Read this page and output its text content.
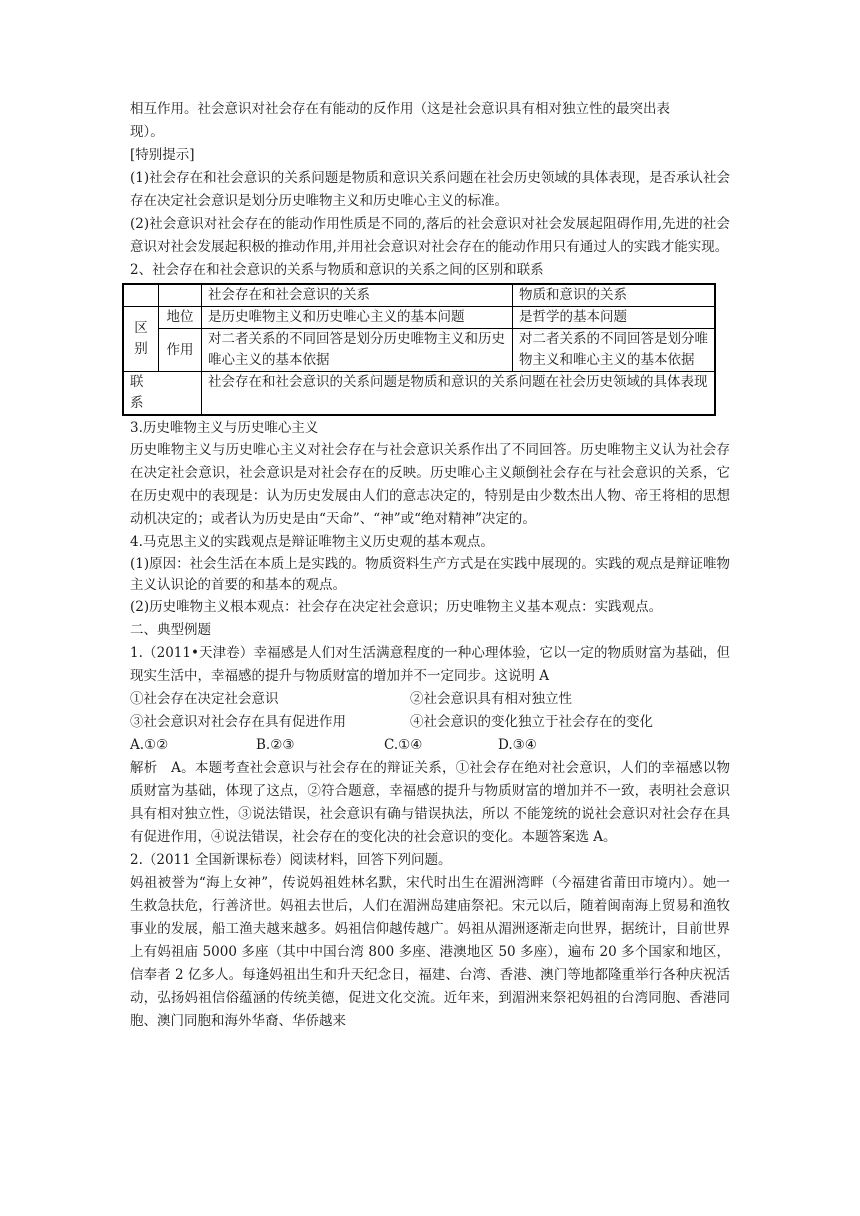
相互作用。社会意识对社会存在有能动的反作用（这是社会意识具有相对独立性的最突出表

现）。

[特别提示]

(1)社会存在和社会意识的关系问题是物质和意识关系问题在社会历史领域的具体表现，是否承认社会存在决定社会意识是划分历史唯物主义和历史唯心主义的标准。

(2)社会意识对社会存在的能动作用性质是不同的,落后的社会意识对社会发展起阻碍作用,先进的社会意识对社会发展起积极的推动作用,并用社会意识对社会存在的能动作用只有通过人的实践才能实现。

2、社会存在和社会意识的关系与物质和意识的关系之间的区别和联系

		社会存在和社会意识的关系	物质和意识的关系
区别	地位	是历史唯物主义和历史唯心主义的基本问题	是哲学的基本问题
	作用	对二者关系的不同回答是划分历史唯物主义和历史唯心主义的基本依据	对二者关系的不同回答是划分唯物主义和唯心主义的基本依据
联　系		社会存在和社会意识的关系问题是物质和意识的关系问题在社会历史领域的具体表现	

3.历史唯物主义与历史唯心主义

历史唯物主义与历史唯心主义对社会存在与社会意识关系作出了不同回答。历史唯物主义认为社会存在决定社会意识，社会意识是对社会存在的反映。历史唯心主义颠倒社会存在与社会意识的关系，它在历史观中的表现是：认为历史发展由人们的意志决定的，特别是由少数杰出人物、帝王将相的思想动机决定的；或者认为历史是由“天命”、“神”或“绝对精神”决定的。

4.马克思主义的实践观点是辩证唯物主义历史观的基本观点。

(1)原因：社会生活在本质上是实践的。物质资料生产方式是在实践中展现的。实践的观点是辩证唯物主义认识论的首要的和基本的观点。

(2)历史唯物主义根本观点：社会存在决定社会意识；历史唯物主义基本观点：实践观点。

二、典型例题

1.（2011•天津卷）幸福感是人们对生活满意程度的一种心理体验，它以一定的物质财富为基础，但现实生活中，幸福感的提升与物质财富的增加并不一定同步。这说明 A

①社会存在决定社会意识	②社会意识具有相对独立性

③社会意识对社会存在具有促进作用	④社会意识的变化独立于社会存在的变化

A.①②	B.②③	C.①④	D.③④

解析　A。本题考查社会意识与社会存在的辩证关系，①社会存在绝对社会意识，人们的幸福感以物质财富为基础，体现了这点，②符合题意，幸福感的提升与物质财富的增加并不一致，表明社会意识具有相对独立性，③说法错误，社会意识有确与错误执法，所以 不能笼统的说社会意识对社会存在具有促进作用，④说法错误，社会存在的变化决的社会意识的变化。本题答案选 A。

2.（2011 全国新课标卷）阅读材料，回答下列问题。

妈祖被誉为“海上女神”，传说妈祖姓林名默，宋代时出生在湄洲湾畔（今福建省莆田市境内）。她一生救急扶危，行善济世。妈祖去世后，人们在湄洲岛建庙祭祀。宋元以后，随着闽南海上贸易和渔牧事业的发展，船工渔夫越来越多。妈祖信仰越传越广。妈祖从湄洲逐渐走向世界，据统计，目前世界上有妈祖庙 5000 多座（其中中国台湾 800 多座、港澳地区 50 多座），遍布 20 多个国家和地区，信奉者 2 亿多人。每逢妈祖出生和升天纪念日，福建、台湾、香港、澳门等地都隆重举行各种庆祝活动，弘扬妈祖信俗蕴涵的传统美德，促进文化交流。近年来，到湄洲来祭祀妈祖的台湾同胞、香港同胞、澳门同胞和海外华裔、华侨越来
